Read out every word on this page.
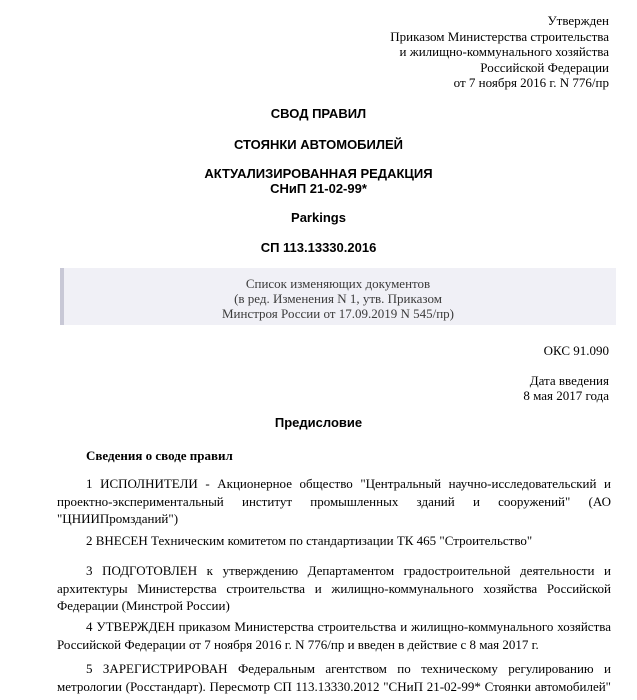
Утвержден
Приказом Министерства строительства
и жилищно-коммунального хозяйства
Российской Федерации
от 7 ноября 2016 г. N 776/пр
СВОД ПРАВИЛ
СТОЯНКИ АВТОМОБИЛЕЙ
АКТУАЛИЗИРОВАННАЯ РЕДАКЦИЯ
СНиП 21-02-99*
Parkings
СП 113.13330.2016
Список изменяющих документов
(в ред. Изменения N 1, утв. Приказом
Минстроя России от 17.09.2019 N 545/пр)
ОКС 91.090
Дата введения
8 мая 2017 года
Предисловие
Сведения о своде правил
1 ИСПОЛНИТЕЛИ - Акционерное общество "Центральный научно-исследовательский и
проектно-экспериментальный институт промышленных зданий и сооружений" (АО
"ЦНИИПромзданий")
2 ВНЕСЕН Техническим комитетом по стандартизации ТК 465 "Строительство"
3 ПОДГОТОВЛЕН к утверждению Департаментом градостроительной деятельности и
архитектуры Министерства строительства и жилищно-коммунального хозяйства Российской
Федерации (Минстрой России)
4 УТВЕРЖДЕН приказом Министерства строительства и жилищно-коммунального хозяйства
Российской Федерации от 7 ноября 2016 г. N 776/пр и введен в действие с 8 мая 2017 г.
5 ЗАРЕГИСТРИРОВАН Федеральным агентством по техническому регулированию и
метрологии (Росстандарт). Пересмотр СП 113.13330.2012 "СНиП 21-02-99* Стоянки автомобилей"
